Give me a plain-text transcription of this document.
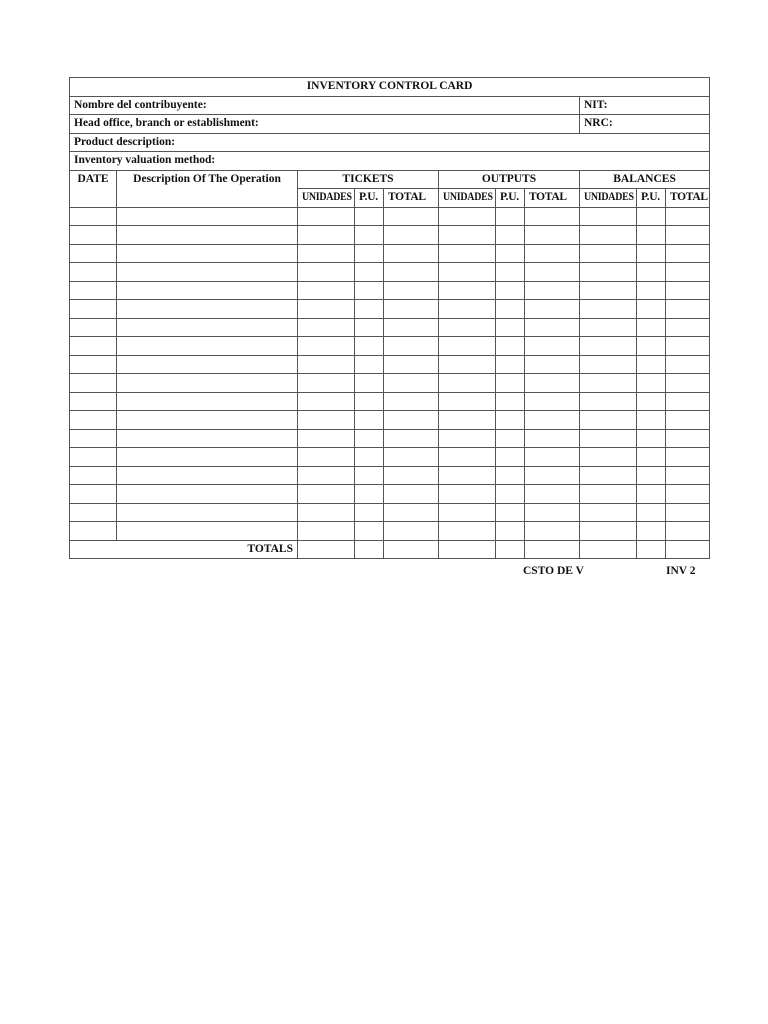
INVENTORY CONTROL CARD										
Nombre del contribuyente:								NIT:		
Head office, branch or establishment:								NRC:		
Product description:										
Inventory valuation method:										
DATE	Description Of The Operation	TICKETS			OUTPUTS			BALANCES		
		UNIDADES	P.U.	TOTAL	UNIDADES	P.U.	TOTAL	UNIDADES	P.U.	TOTAL

TOTALS										
CSTO DE V	INV 2
